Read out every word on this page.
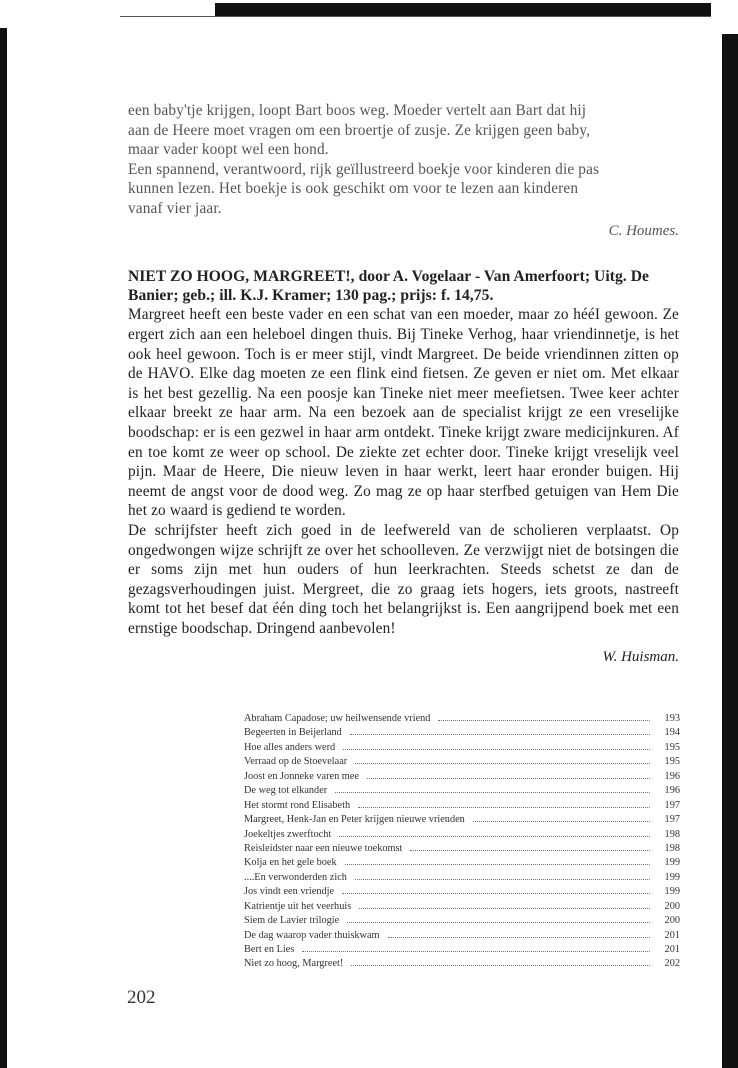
een baby'tje krijgen, loopt Bart boos weg. Moeder vertelt aan Bart dat hij
aan de Heere moet vragen om een broertje of zusje. Ze krijgen geen baby,
maar vader koopt wel een hond.
Een spannend, verantwoord, rijk geïllustreerd boekje voor kinderen die pas
kunnen lezen. Het boekje is ook geschikt om voor te lezen aan kinderen
vanaf vier jaar.

C. Houmes.

NIET ZO HOOG, MARGREET!, door A. Vogelaar - Van Amerfoort; Uitg. De Banier; geb.; ill. K.J. Kramer; 130 pag.; prijs: f. 14,75.

Margreet heeft een beste vader en een schat van een moeder, maar zo hééI gewoon. Ze ergert zich aan een heleboel dingen thuis. Bij Tineke Verhog, haar vriendinnetje, is het ook heel gewoon. Toch is er meer stijl, vindt Margreet. De beide vriendinnen zitten op de HAVO. Elke dag moeten ze een flink eind fietsen. Ze geven er niet om. Met elkaar is het best gezellig. Na een poosje kan Tineke niet meer meefietsen. Twee keer achter elkaar breekt ze haar arm. Na een bezoek aan de specialist krijgt ze een vreselijke boodschap: er is een gezwel in haar arm ontdekt. Tineke krijgt zware medicijnkuren. Af en toe komt ze weer op school. De ziekte zet echter door. Tineke krijgt vreselijk veel pijn. Maar de Heere, Die nieuw leven in haar werkt, leert haar eronder buigen. Hij neemt de angst voor de dood weg. Zo mag ze op haar sterfbed getuigen van Hem Die het zo waard is gediend te worden.

De schrijfster heeft zich goed in de leefwereld van de scholieren verplaatst. Op ongedwongen wijze schrijft ze over het schoolleven. Ze verzwijgt niet de botsingen die er soms zijn met hun ouders of hun leerkrachten. Steeds schetst ze dan de gezagsverhoudingen juist. Mergreet, die zo graag iets hogers, iets groots, nastreeft komt tot het besef dat één ding toch het belangrijkst is. Een aangrijpend boek met een ernstige boodschap. Dringend aanbevolen!

W. Huisman.

Abraham Capadose; uw heilwensende vriend	193
Begeerten in Beijerland	194
Hoe alles anders werd	195
Verraad op de Stoevelaar	195
Joost en Jonneke varen mee	196
De weg tot elkander	196
Het stormt rond Elisabeth	197
Margreet, Henk-Jan en Peter krijgen nieuwe vrienden	197
Joekeltjes zwerftocht	198
Reisleidster naar een nieuwe toekomst	198
Kolja en het gele boek	199
....En verwonderden zich	199
Jos vindt een vriendje	199
Katrientje uit het veerhuis	200
Siem de Lavier trilogie	200
De dag waarop vader thuiskwam	201
Bert en Lies	201
Niet zo hoog, Margreet!	202
202
